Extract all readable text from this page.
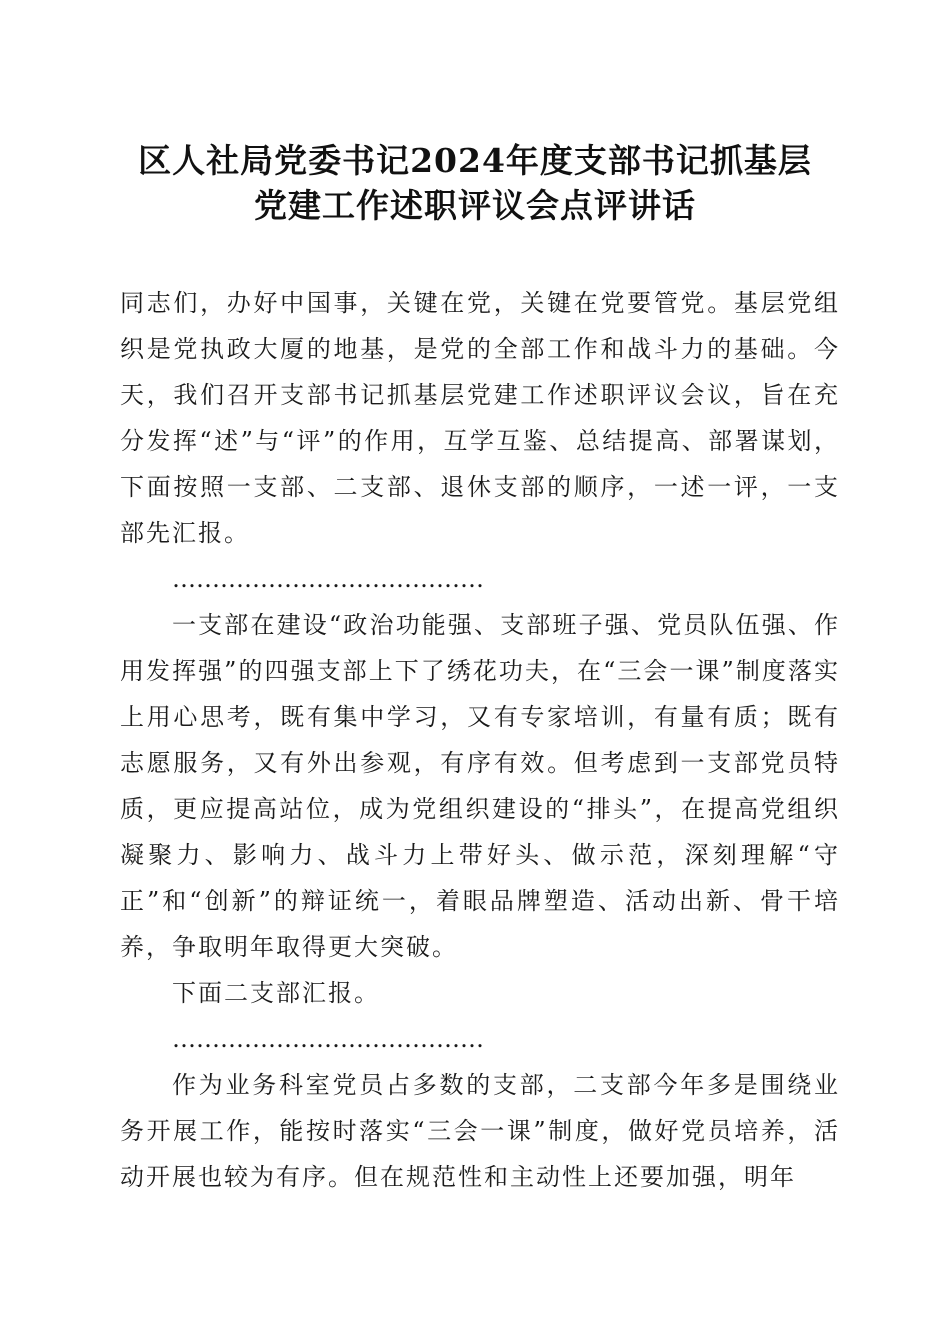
区人社局党委书记2024年度支部书记抓基层
党建工作述职评议会点评讲话

同志们，办好中国事，关键在党，关键在党要管党。基层党组织是党执政大厦的地基，是党的全部工作和战斗力的基础。今天，我们召开支部书记抓基层党建工作述职评议会议，旨在充分发挥“述”与“评”的作用，互学互鉴、总结提高、部署谋划，下面按照一支部、二支部、退休支部的顺序，一述一评，一支部先汇报。

…………………………………

一支部在建设“政治功能强、支部班子强、党员队伍强、作用发挥强”的四强支部上下了绣花功夫，在“三会一课”制度落实上用心思考，既有集中学习，又有专家培训，有量有质；既有志愿服务，又有外出参观，有序有效。但考虑到一支部党员特质，更应提高站位，成为党组织建设的“排头”，在提高党组织凝聚力、影响力、战斗力上带好头、做示范，深刻理解“守正”和“创新”的辩证统一，着眼品牌塑造、活动出新、骨干培养，争取明年取得更大突破。

下面二支部汇报。

…………………………………

作为业务科室党员占多数的支部，二支部今年多是围绕业务开展工作，能按时落实“三会一课”制度，做好党员培养，活动开展也较为有序。但在规范性和主动性上还要加强，明年
